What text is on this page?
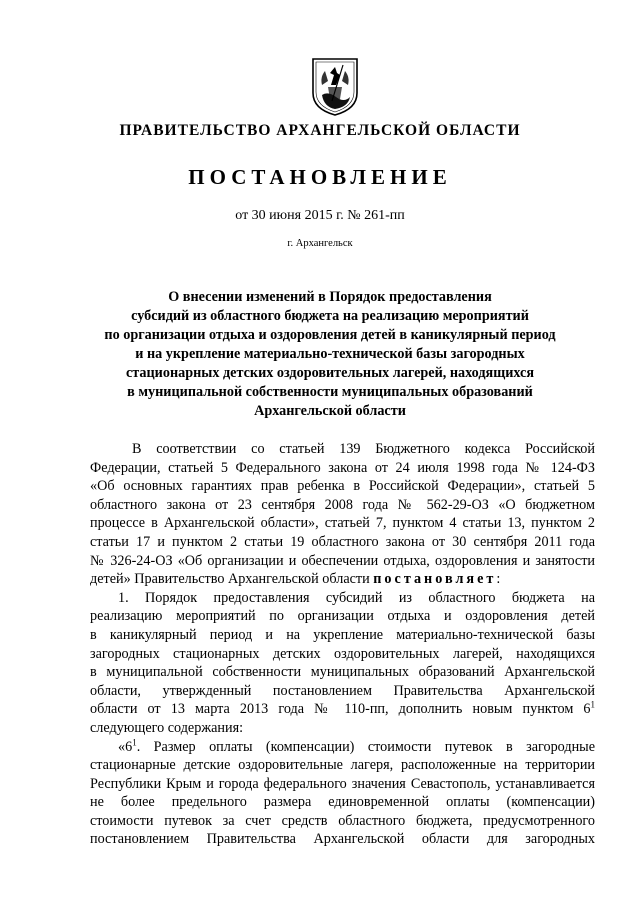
ПРАВИТЕЛЬСТВО АРХАНГЕЛЬСКОЙ ОБЛАСТИ
ПОСТАНОВЛЕНИЕ
от 30 июня 2015 г. № 261-пп
г. Архангельск
О внесении изменений в Порядок предоставления
субсидий из областного бюджета на реализацию мероприятий
по организации отдыха и оздоровления детей в каникулярный период
и на укрепление материально-технической базы загородных
стационарных детских оздоровительных лагерей, находящихся
в муниципальной собственности муниципальных образований
Архангельской области
В соответствии со статьей 139 Бюджетного кодекса Российской
Федерации, статьей 5 Федерального закона от 24 июля 1998 года № 124-ФЗ
«Об основных гарантиях прав ребенка в Российской Федерации», статьей 5
областного закона от 23 сентября 2008 года № 562-29-ОЗ «О бюджетном
процессе в Архангельской области», статьей 7, пунктом 4 статьи 13, пунктом 2
статьи 17 и пунктом 2 статьи 19 областного закона от 30 сентября 2011 года
№ 326-24-ОЗ «Об организации и обеспечении отдыха, оздоровления и занятости
детей» Правительство Архангельской области постановляет:
1. Порядок предоставления субсидий из областного бюджета на
реализацию мероприятий по организации отдыха и оздоровления детей
в каникулярный период и на укрепление материально-технической базы
загородных стационарных детских оздоровительных лагерей, находящихся
в муниципальной собственности муниципальных образований Архангельской
области, утвержденный постановлением Правительства Архангельской
области от 13 марта 2013 года № 110-пп, дополнить новым пунктом $6^1$
следующего содержания:
«$6^1$. Размер оплаты (компенсации) стоимости путевок в загородные
стационарные детские оздоровительные лагеря, расположенные на территории
Республики Крым и города федерального значения Севастополь, устанавливается
не более предельного размера единовременной оплаты (компенсации)
стоимости путевок за счет средств областного бюджета, предусмотренного
постановлением Правительства Архангельской области для загородных
